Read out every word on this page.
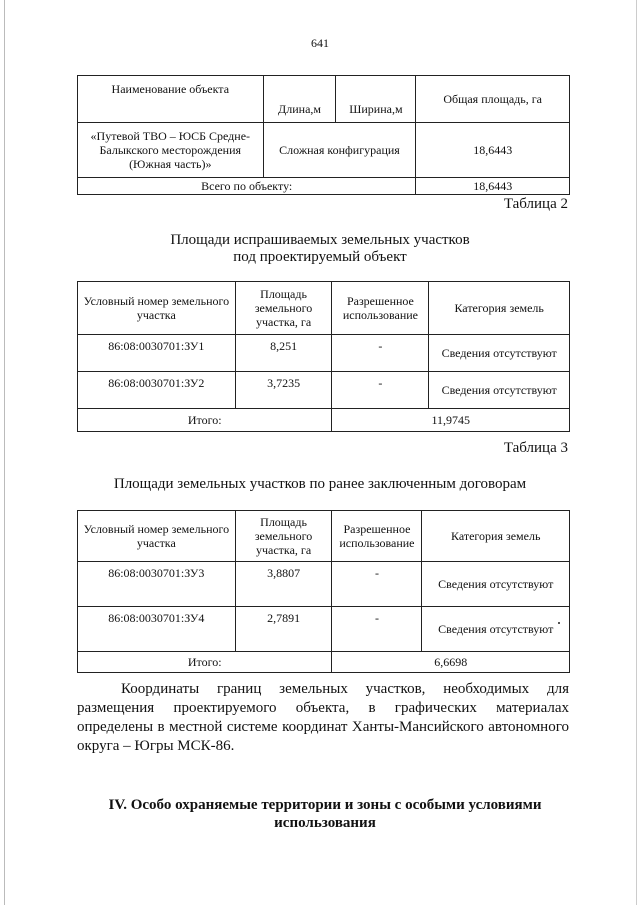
641
Наименование объекта	Длина,м	Ширина,м	Общая площадь, га
«Путевой ТВО – ЮСБ Средне-Балыкского месторождения (Южная часть)»	Сложная конфигурация		18,6443
Всего по объекту:			18,6443
Таблица 2
Площади испрашиваемых земельных участков
под проектируемый объект
Условный номер земельного участка	Площадь земельного участка, га	Разрешенное использование	Категория земель
86:08:0030701:ЗУ1	8,251	-	Сведения отсутствуют
86:08:0030701:ЗУ2	3,7235	-	Сведения отсутствуют
Итого:		11,9745	
Таблица 3
Площади земельных участков по ранее заключенным договорам
Условный номер земельного участка	Площадь земельного участка, га	Разрешенное использование	Категория земель
86:08:0030701:ЗУ3	3,8807	-	Сведения отсутствуют
86:08:0030701:ЗУ4	2,7891	-	Сведения отсутствуют
Итого:		6,6698	
Координаты границ земельных участков, необходимых для размещения проектируемого объекта, в графических материалах определены в местной системе координат Ханты-Мансийского автономного округа – Югры МСК-86.
IV. Особо охраняемые территории и зоны с особыми условиями использования
